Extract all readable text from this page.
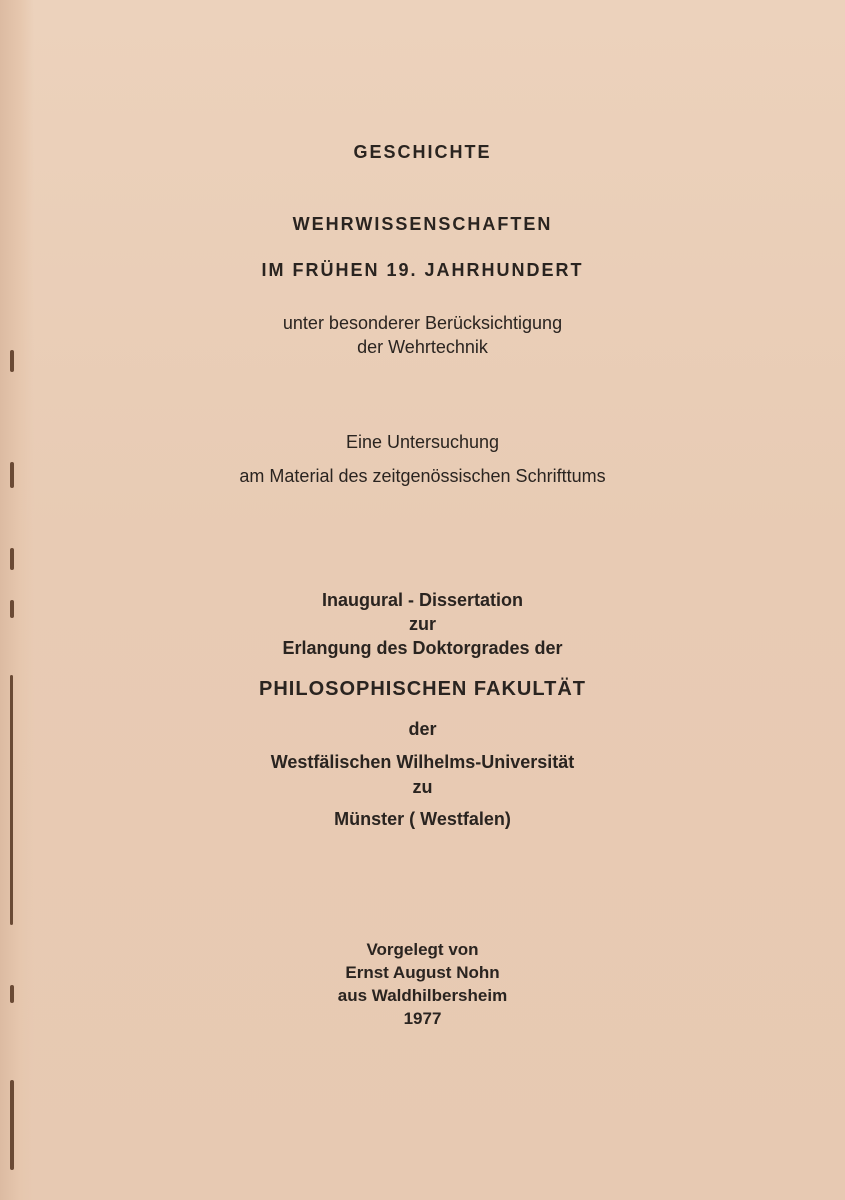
GESCHICHTE
WEHRWISSENSCHAFTEN
IM FRÜHEN 19. JAHRHUNDERT
unter besonderer Berücksichtigung
der Wehrtechnik
Eine Untersuchung
am Material des zeitgenössischen Schrifttums
Inaugural - Dissertation
zur
Erlangung des Doktorgrades der
PHILOSOPHISCHEN FAKULTÄT
der
Westfälischen Wilhelms-Universität
zu
Münster ( Westfalen)
Vorgelegt von
Ernst August Nohn
aus Waldhilbersheim
1977
